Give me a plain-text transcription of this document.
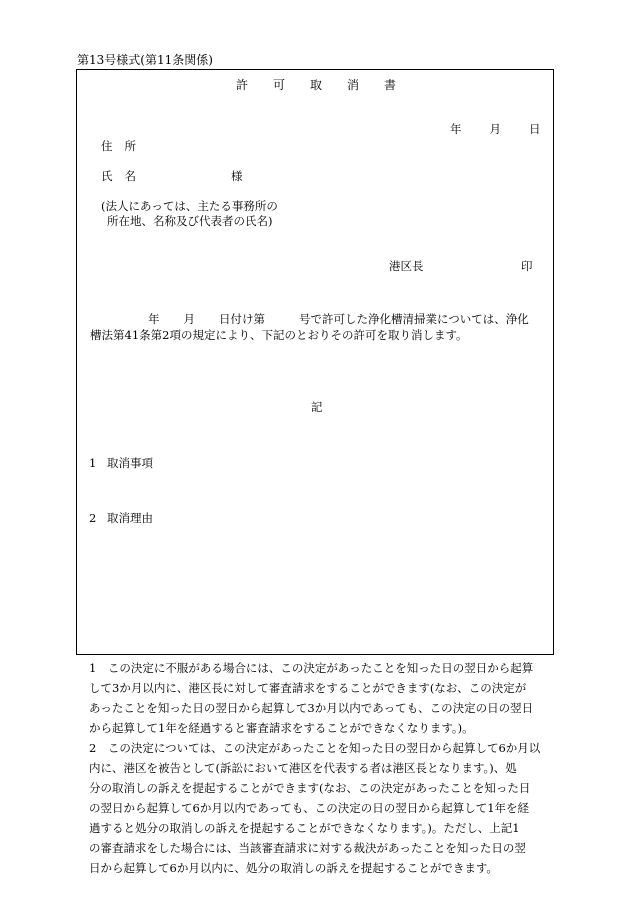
第13号様式(第11条関係)
許可取消書
年 月 日
住 所
氏 名	様
(法人にあっては、主たる事務所の
所在地、名称及び代表者の氏名)
港区長	印
年 月 日付け第	号で許可した浄化槽清掃業については、浄化
槽法第41条第2項の規定により、下記のとおりその許可を取り消します。
記
1 取消事項
2 取消理由
1　この決定に不服がある場合には、この決定があったことを知った日の翌日から起算
して3か月以内に、港区長に対して審査請求をすることができます(なお、この決定が
あったことを知った日の翌日から起算して3か月以内であっても、この決定の日の翌日
から起算して1年を経過すると審査請求をすることができなくなります。)。
2　この決定については、この決定があったことを知った日の翌日から起算して6か月以
内に、港区を被告として(訴訟において港区を代表する者は港区長となります。)、処
分の取消しの訴えを提起することができます(なお、この決定があったことを知った日
の翌日から起算して6か月以内であっても、この決定の日の翌日から起算して1年を経
過すると処分の取消しの訴えを提起することができなくなります。)。ただし、上記1
の審査請求をした場合には、当該審査請求に対する裁決があったことを知った日の翌
日から起算して6か月以内に、処分の取消しの訴えを提起することができます。
